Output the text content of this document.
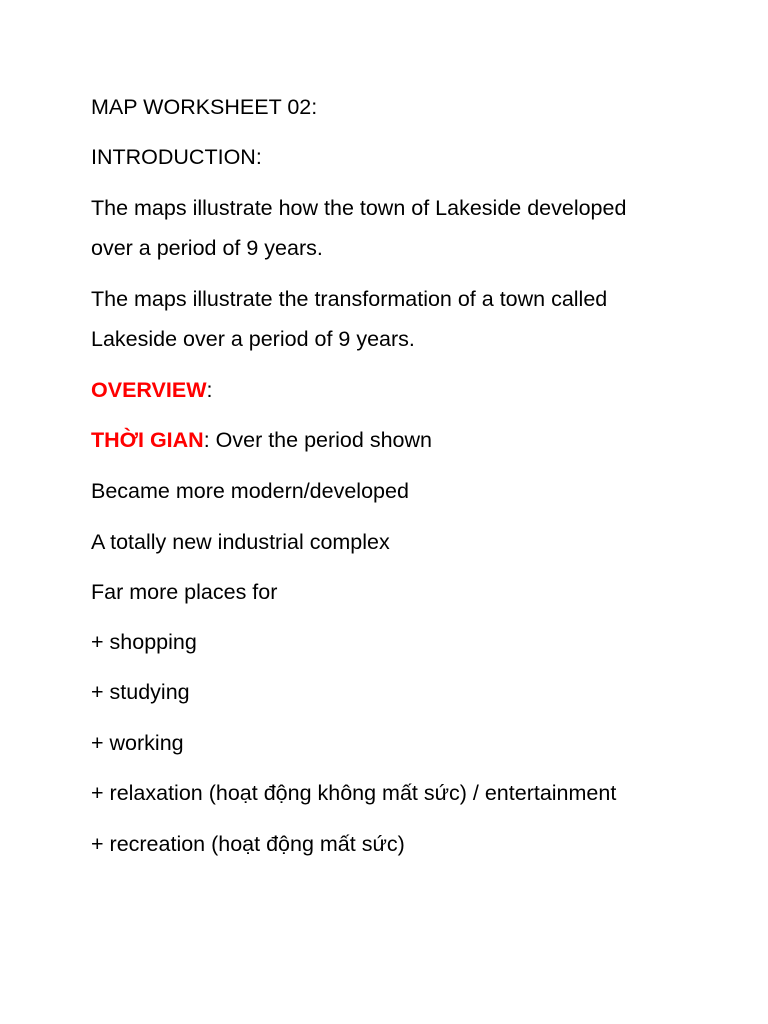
MAP WORKSHEET 02:

INTRODUCTION:

The maps illustrate how the town of Lakeside developed
over a period of 9 years.

The maps illustrate the transformation of a town called
Lakeside over a period of 9 years.

OVERVIEW:

THỜI GIAN: Over the period shown

Became more modern/developed

A totally new industrial complex

Far more places for

+ shopping

+ studying

+ working

+ relaxation (hoạt động không mất sức) / entertainment

+ recreation (hoạt động mất sức)
